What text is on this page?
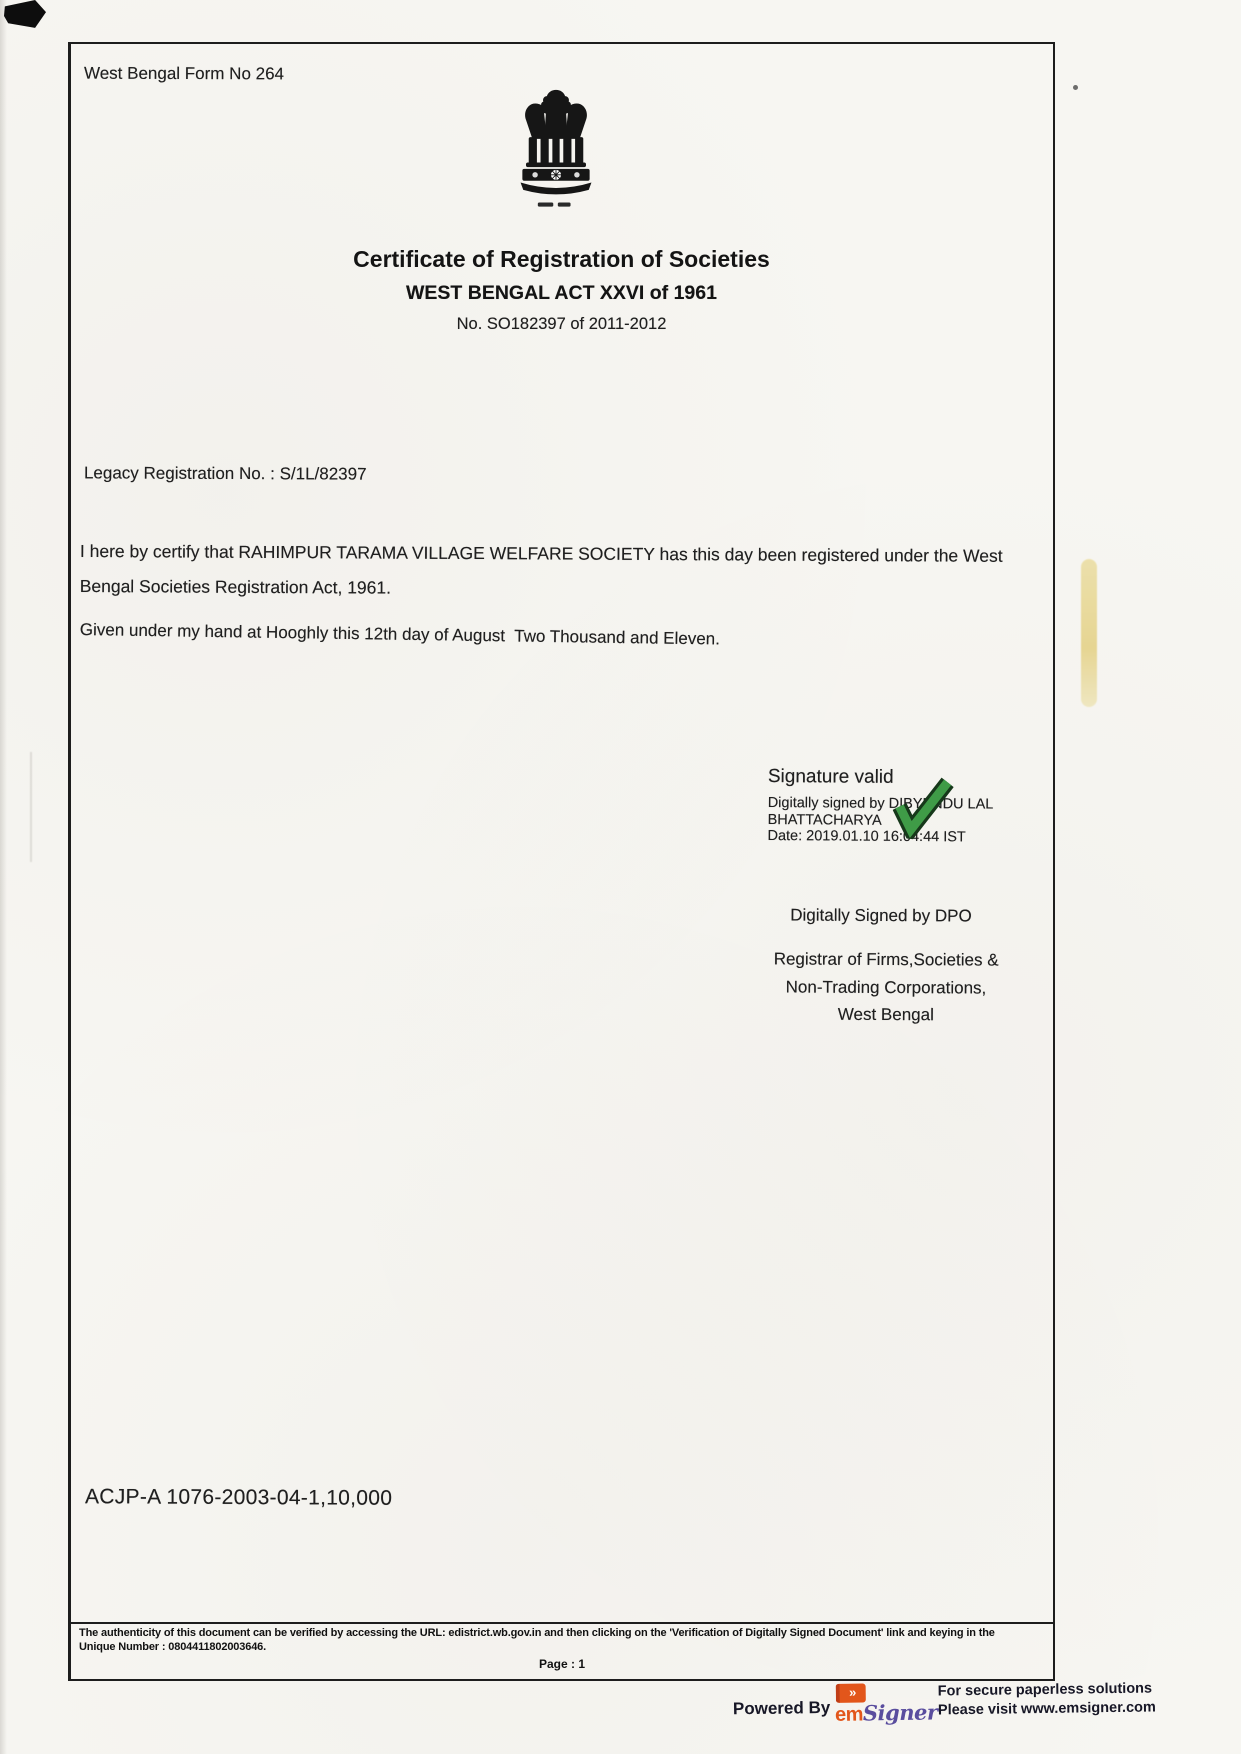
West Bengal Form No 264
Certificate of Registration of Societies
WEST BENGAL ACT XXVI of 1961
No. SO182397 of 2011-2012
Legacy Registration No. : S/1L/82397
I here by certify that RAHIMPUR TARAMA VILLAGE WELFARE SOCIETY has this day been registered under the West
Bengal Societies Registration Act, 1961.
Given under my hand at Hooghly this 12th day of August  Two Thousand and Eleven.
Signature valid
Digitally signed by DIBYENDU LAL
BHATTACHARYA
Date: 2019.01.10 16:04:44 IST
Digitally Signed by DPO
Registrar of Firms,Societies &
Non-Trading Corporations,
West Bengal
ACJP-A 1076-2003-04-1,10,000
The authenticity of this document can be verified by accessing the URL: edistrict.wb.gov.in and then clicking on the 'Verification of Digitally Signed Document' link and keying in the
Unique Number : 0804411802003646.
Page : 1
Powered By
»
emSigner
For secure paperless solutions
Please visit www.emsigner.com
